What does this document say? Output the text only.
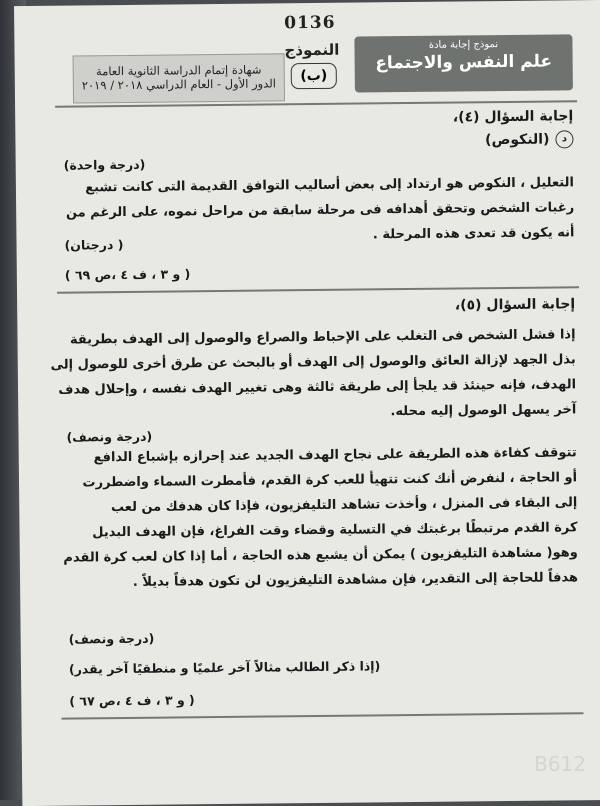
0136
شهادة إتمام الدراسة الثانوية العامة
الدور الأول - العام الدراسي ٢٠١٨ / ٢٠١٩
النموذج
(ب)
نموذج إجابة مادة
علم النفس والاجتماع
إجابة السؤال (٤)،
د
(النكوص)
(درجة واحدة)
التعليل ، النكوص هو ارتداد إلى بعض أساليب التوافق القديمة التى كانت تشبع
رغبات الشخص وتحقق أهدافه فى مرحلة سابقة من مراحل نموه، على الرغم من
أنه يكون قد تعدى هذه المرحلة .
( درجتان)
( و ٣ ، ف ٤ ،ص ٦٩ )
إجابة السؤال (٥)،
إذا فشل الشخص فى التغلب على الإحباط والصراع والوصول إلى الهدف بطريقة
بذل الجهد لإزالة العائق والوصول إلى الهدف أو بالبحث عن طرق أخرى للوصول إلى
الهدف، فإنه حينئذ قد يلجأ إلى طريقة ثالثة وهى تغيير الهدف نفسه ، وإحلال هدف
آخر يسهل الوصول إليه محله.
(درجة ونصف)
تتوقف كفاءة هذه الطريقة على نجاح الهدف الجديد عند إحرازه بإشباع الدافع
أو الحاجة ، لنفرض أنك كنت تتهيأ للعب كرة القدم، فأمطرت السماء واضطررت
إلى البقاء فى المنزل ، وأخذت تشاهد التليفزيون، فإذا كان هدفك من لعب
كرة القدم مرتبطًا برغبتك في التسلية وقضاء وقت الفراغ، فإن الهدف البديل
وهو( مشاهدة التليفزيون ) يمكن أن يشبع هذه الحاجة ، أما إذا كان لعب كرة القدم
هدفاً للحاجة إلى التقدير، فإن مشاهدة التليفزيون لن تكون هدفاً بديلاً .
(درجة ونصف)
(إذا ذكر الطالب مثالاً آخر علميًا و منطقيًا آخر يقدر)
( و ٣ ، ف ٤ ،ص ٦٧ )
B612
